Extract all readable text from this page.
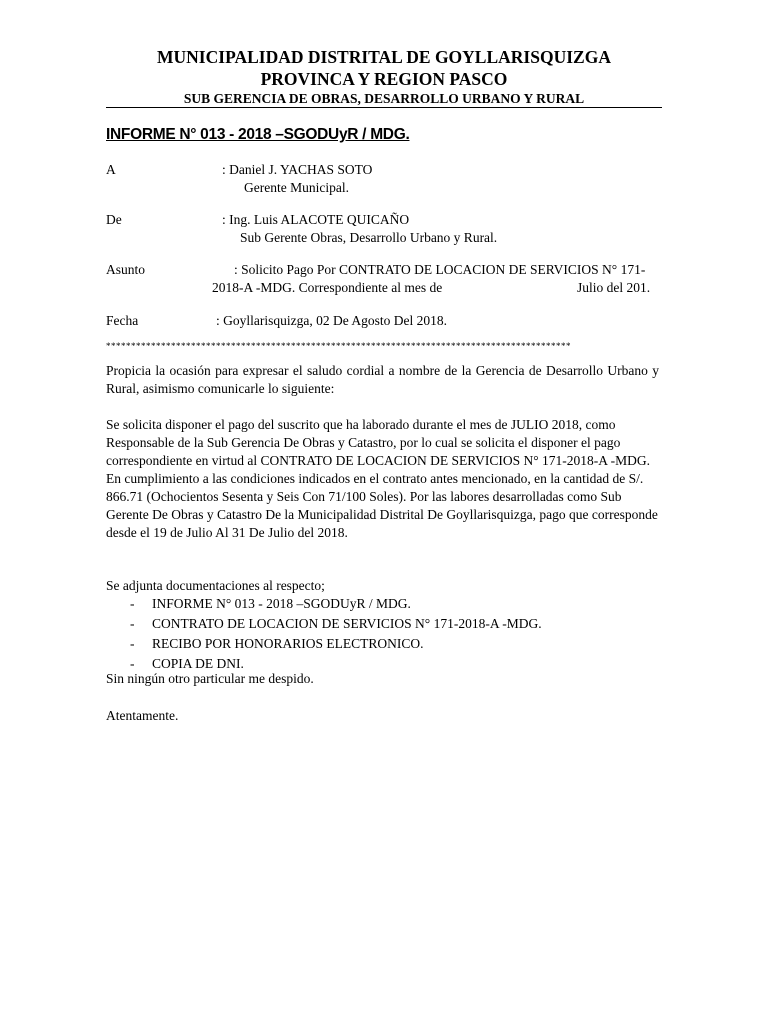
MUNICIPALIDAD DISTRITAL DE GOYLLARISQUIZGA
PROVINCA Y REGION PASCO
SUB GERENCIA DE OBRAS, DESARROLLO URBANO Y RURAL
INFORME N° 013 - 2018 –SGODUyR / MDG.
A	: Daniel J. YACHAS SOTO
Gerente Municipal.
De	: Ing. Luis ALACOTE QUICAÑO
Sub Gerente Obras, Desarrollo Urbano y Rural.
Asunto	: Solicito Pago Por CONTRATO DE LOCACION DE SERVICIOS N° 171-
2018-A -MDG. Correspondiente al mes de	Julio del 201.
Fecha	: Goyllarisquizga, 02 De Agosto Del 2018.
*********************************************************************************************
Propicia la ocasión para expresar el saludo cordial a nombre de la Gerencia de Desarrollo Urbano y Rural, asimismo comunicarle lo siguiente:
Se solicita disponer el pago del suscrito que ha laborado durante el mes de JULIO 2018, como Responsable de la Sub Gerencia De Obras y Catastro, por lo cual se solicita el disponer el pago correspondiente en virtud al CONTRATO DE LOCACION DE SERVICIOS N° 171-2018-A -MDG. En cumplimiento a las condiciones indicados en el contrato antes mencionado, en la cantidad de S/. 866.71 (Ochocientos Sesenta y Seis Con 71/100 Soles). Por las labores desarrolladas como Sub Gerente De Obras y Catastro De la Municipalidad Distrital De Goyllarisquizga, pago que corresponde desde el 19 de Julio Al 31 De Julio del 2018.
Se adjunta documentaciones al respecto;
- INFORME N° 013 - 2018 –SGODUyR / MDG.
- CONTRATO DE LOCACION DE SERVICIOS N° 171-2018-A -MDG.
- RECIBO POR HONORARIOS ELECTRONICO.
- COPIA DE DNI.
Sin ningún otro particular me despido.
Atentamente.
